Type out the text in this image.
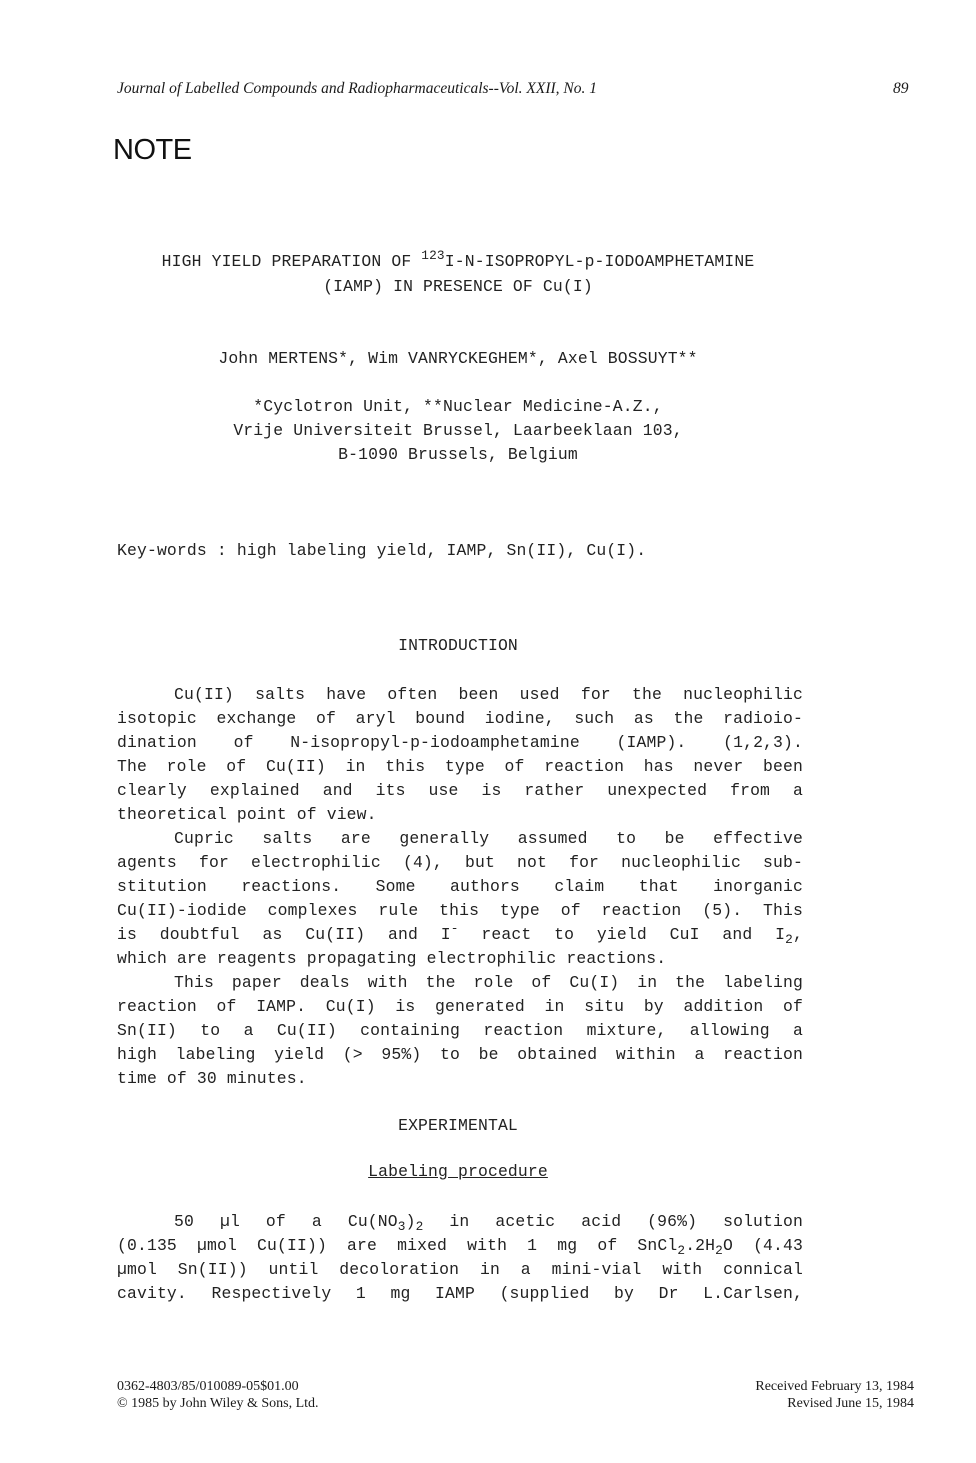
Journal of Labelled Compounds and Radiopharmaceuticals--Vol. XXII, No. 1	89
NOTE
HIGH YIELD PREPARATION OF $^{123}$I-N-ISOPROPYL-p-IODOAMPHETAMINE
(IAMP) IN PRESENCE OF Cu(I)
John MERTENS*, Wim VANRYCKEGHEM*, Axel BOSSUYT**
*Cyclotron Unit, **Nuclear Medicine-A.Z.,
Vrije Universiteit Brussel, Laarbeeklaan 103,
B-1090 Brussels, Belgium
Key-words : high labeling yield, IAMP, Sn(II), Cu(I).
INTRODUCTION
Cu(II) salts have often been used for the nucleophilic
isotopic exchange of aryl bound iodine, such as the radioio-
dination of N-isopropyl-p-iodoamphetamine (IAMP). (1,2,3).
The role of Cu(II) in this type of reaction has never been
clearly explained and its use is rather unexpected from a
theoretical point of view.
Cupric salts are generally assumed to be effective
agents for electrophilic (4), but not for nucleophilic sub-
stitution reactions. Some authors claim that inorganic
Cu(II)-iodide complexes rule this type of reaction (5). This
is doubtful as Cu(II) and I- react to yield CuI and $I_2$,
which are reagents propagating electrophilic reactions.
This paper deals with the role of Cu(I) in the labeling
reaction of IAMP. Cu(I) is generated in situ by addition of
Sn(II) to a Cu(II) containing reaction mixture, allowing a
high labeling yield (> 95%) to be obtained within a reaction
time of 30 minutes.
EXPERIMENTAL
Labeling procedure
50 µl of a $Cu(NO_3)_2$ in acetic acid (96%) solution
(0.135 µmol Cu(II)) are mixed with 1 mg of $SnCl_2.2H_2O$ (4.43
µmol Sn(II)) until decoloration in a mini-vial with connical
cavity. Respectively 1 mg IAMP (supplied by Dr L.Carlsen,
0362-4803/85/010089-05$01.00
© 1985 by John Wiley & Sons, Ltd.
Received February 13, 1984
Revised June 15, 1984
